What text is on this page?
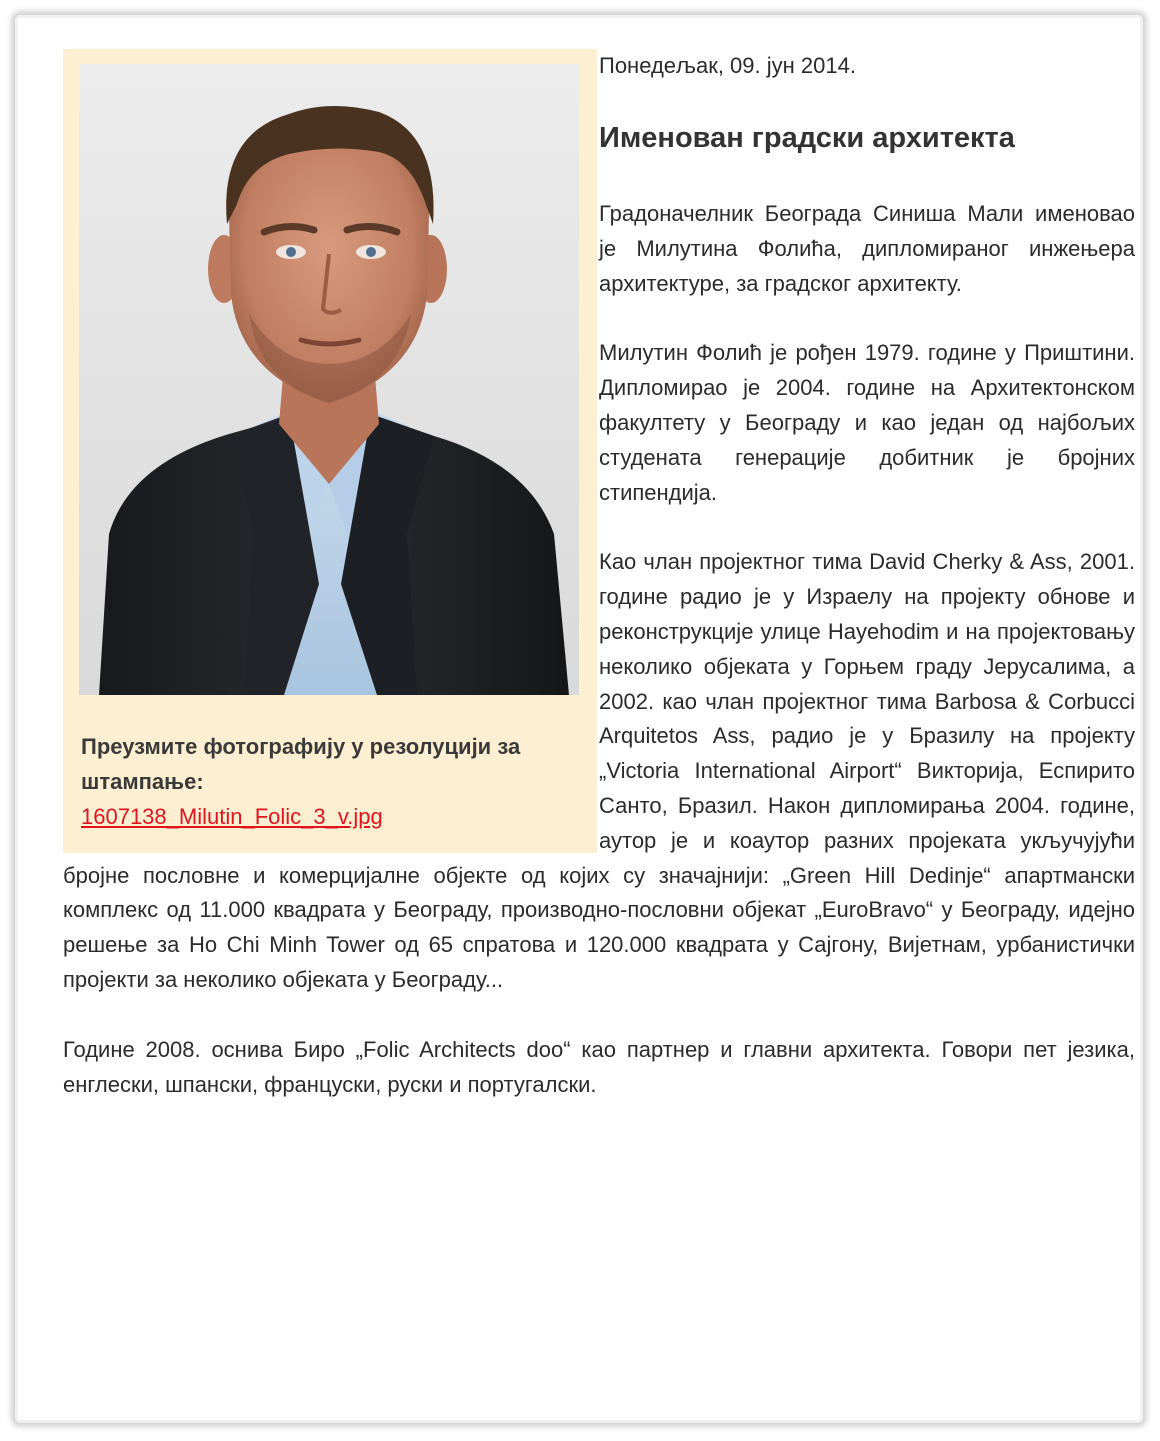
Преузмите фотографију у резолуцији за штампање:
1607138_Milutin_Folic_3_v.jpg

Понедељак, 09. јун 2014.

Именован градски архитекта

Градоначелник Београда Синиша Мали именовао је Милутина Фолића, дипломираног инжењера архитектуре, за градског архитекту.

Милутин Фолић је рођен 1979. године у Приштини. Дипломирао је 2004. године на Архитектонском факултету у Београду и као један од најбољих студената генерације добитник је бројних стипендија.

Као члан пројектног тима David Cherky & Ass, 2001. године радио је у Израелу на пројекту обнове и реконструкције улице Hayehodim и на пројектовању неколико објеката у Горњем граду Јерусалима, а 2002. као члан пројектног тима Barbosa & Corbucci Arquitetos Ass, радио је у Бразилу на пројекту „Victoria International Airport“ Викторија, Еспирито Санто, Бразил. Након дипломирања 2004. године, аутор је и коаутор разних пројеката укључујући бројне пословне и комерцијалне објекте од којих су значајнији: „Green Hill Dedinje“ апартмански комплекс од 11.000 квадрата у Београду, производно-пословни објекат „EuroBravo“ у Београду, идејно решење за Ho Chi Minh Tower од 65 спратова и 120.000 квадрата у Сајгону, Вијетнам, урбанистички пројекти за неколико објеката у Београду...

Године 2008. оснива Биро „Folic Architects doo“ као партнер и главни архитекта. Говори пет језика, енглески, шпански, француски, руски и португалски.
